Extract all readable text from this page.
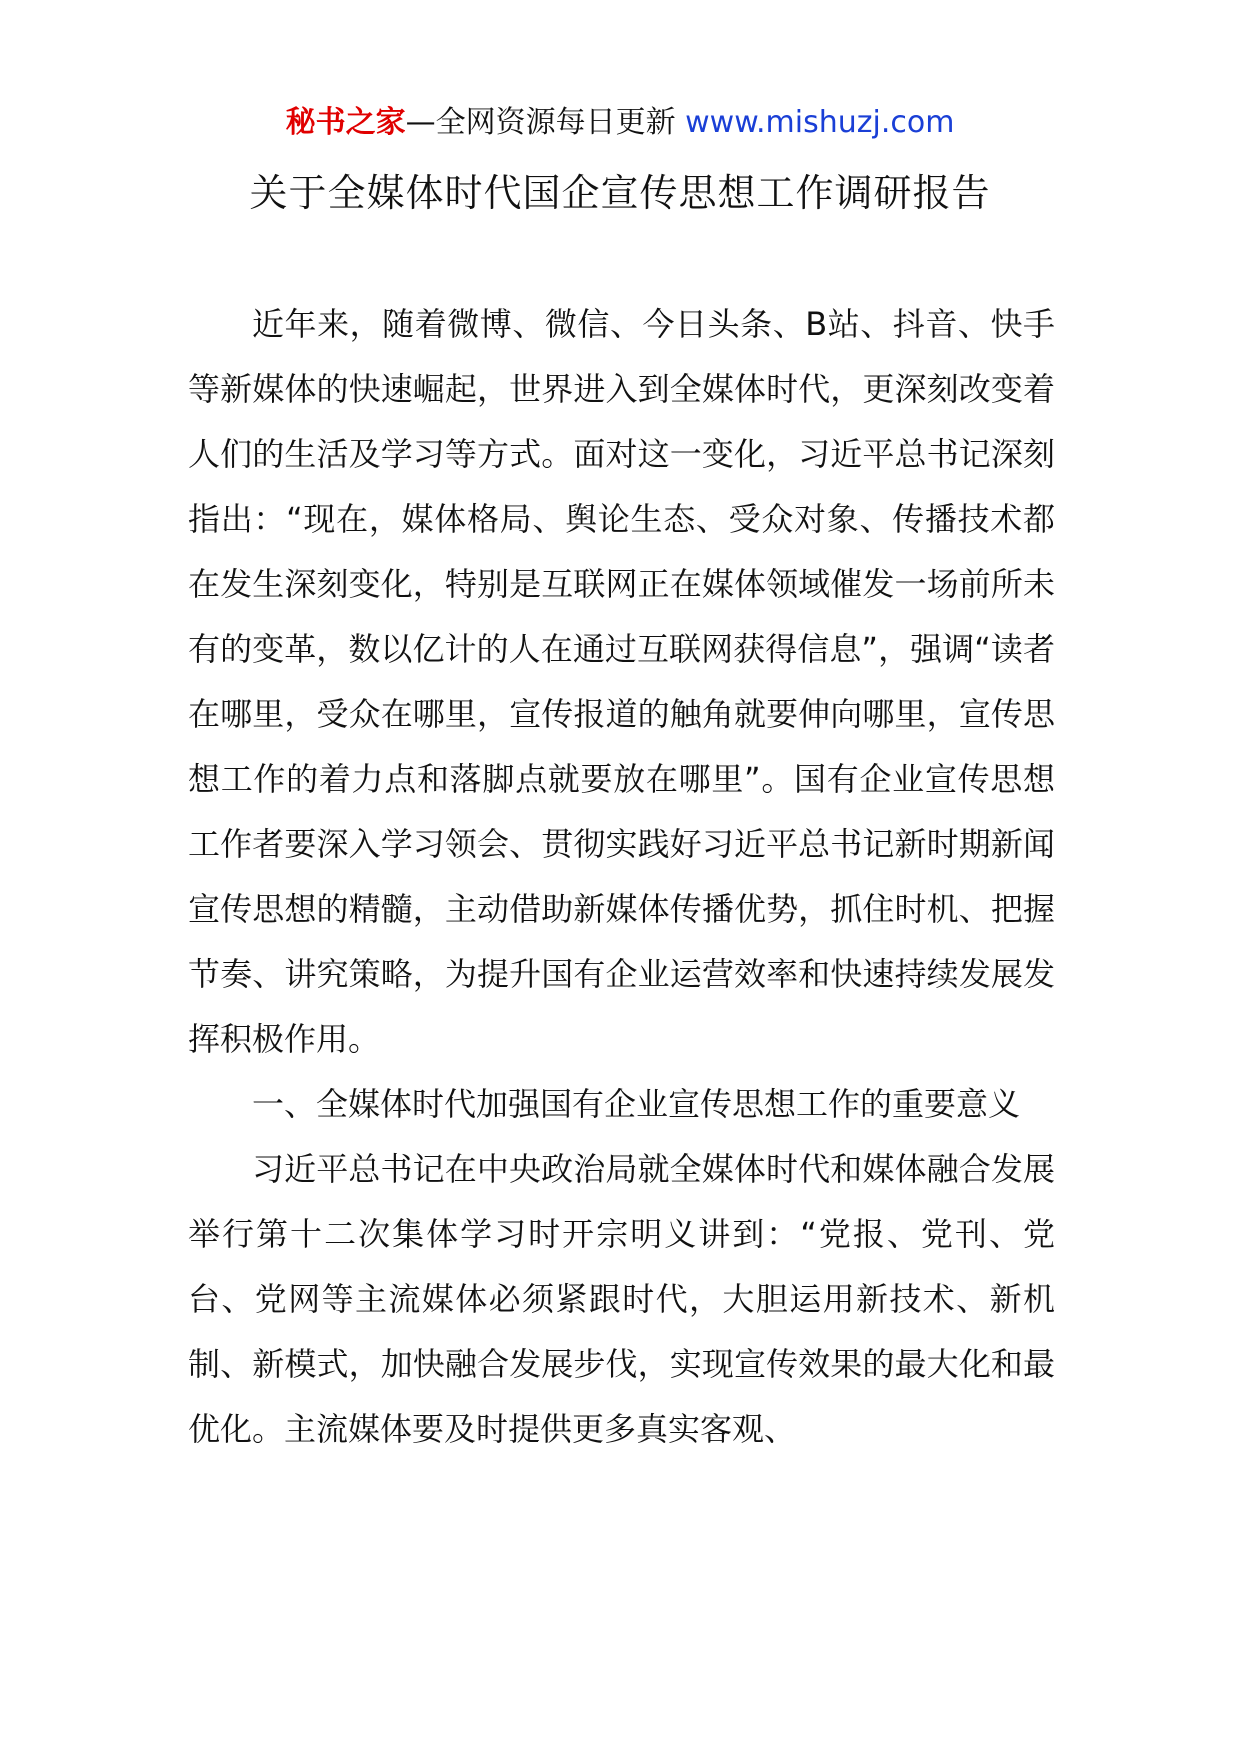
秘书之家—全网资源每日更新 www.mishuzj.com
关于全媒体时代国企宣传思想工作调研报告

近年来，随着微博、微信、今日头条、B站、抖音、快手等新媒体的快速崛起，世界进入到全媒体时代，更深刻改变着人们的生活及学习等方式。面对这一变化，习近平总书记深刻指出：“现在，媒体格局、舆论生态、受众对象、传播技术都在发生深刻变化，特别是互联网正在媒体领域催发一场前所未有的变革，数以亿计的人在通过互联网获得信息”，强调“读者在哪里，受众在哪里，宣传报道的触角就要伸向哪里，宣传思想工作的着力点和落脚点就要放在哪里”。国有企业宣传思想工作者要深入学习领会、贯彻实践好习近平总书记新时期新闻宣传思想的精髓，主动借助新媒体传播优势，抓住时机、把握节奏、讲究策略，为提升国有企业运营效率和快速持续发展发挥积极作用。

一、全媒体时代加强国有企业宣传思想工作的重要意义

习近平总书记在中央政治局就全媒体时代和媒体融合发展举行第十二次集体学习时开宗明义讲到：“党报、党刊、党台、党网等主流媒体必须紧跟时代，大胆运用新技术、新机制、新模式，加快融合发展步伐，实现宣传效果的最大化和最优化。主流媒体要及时提供更多真实客观、
